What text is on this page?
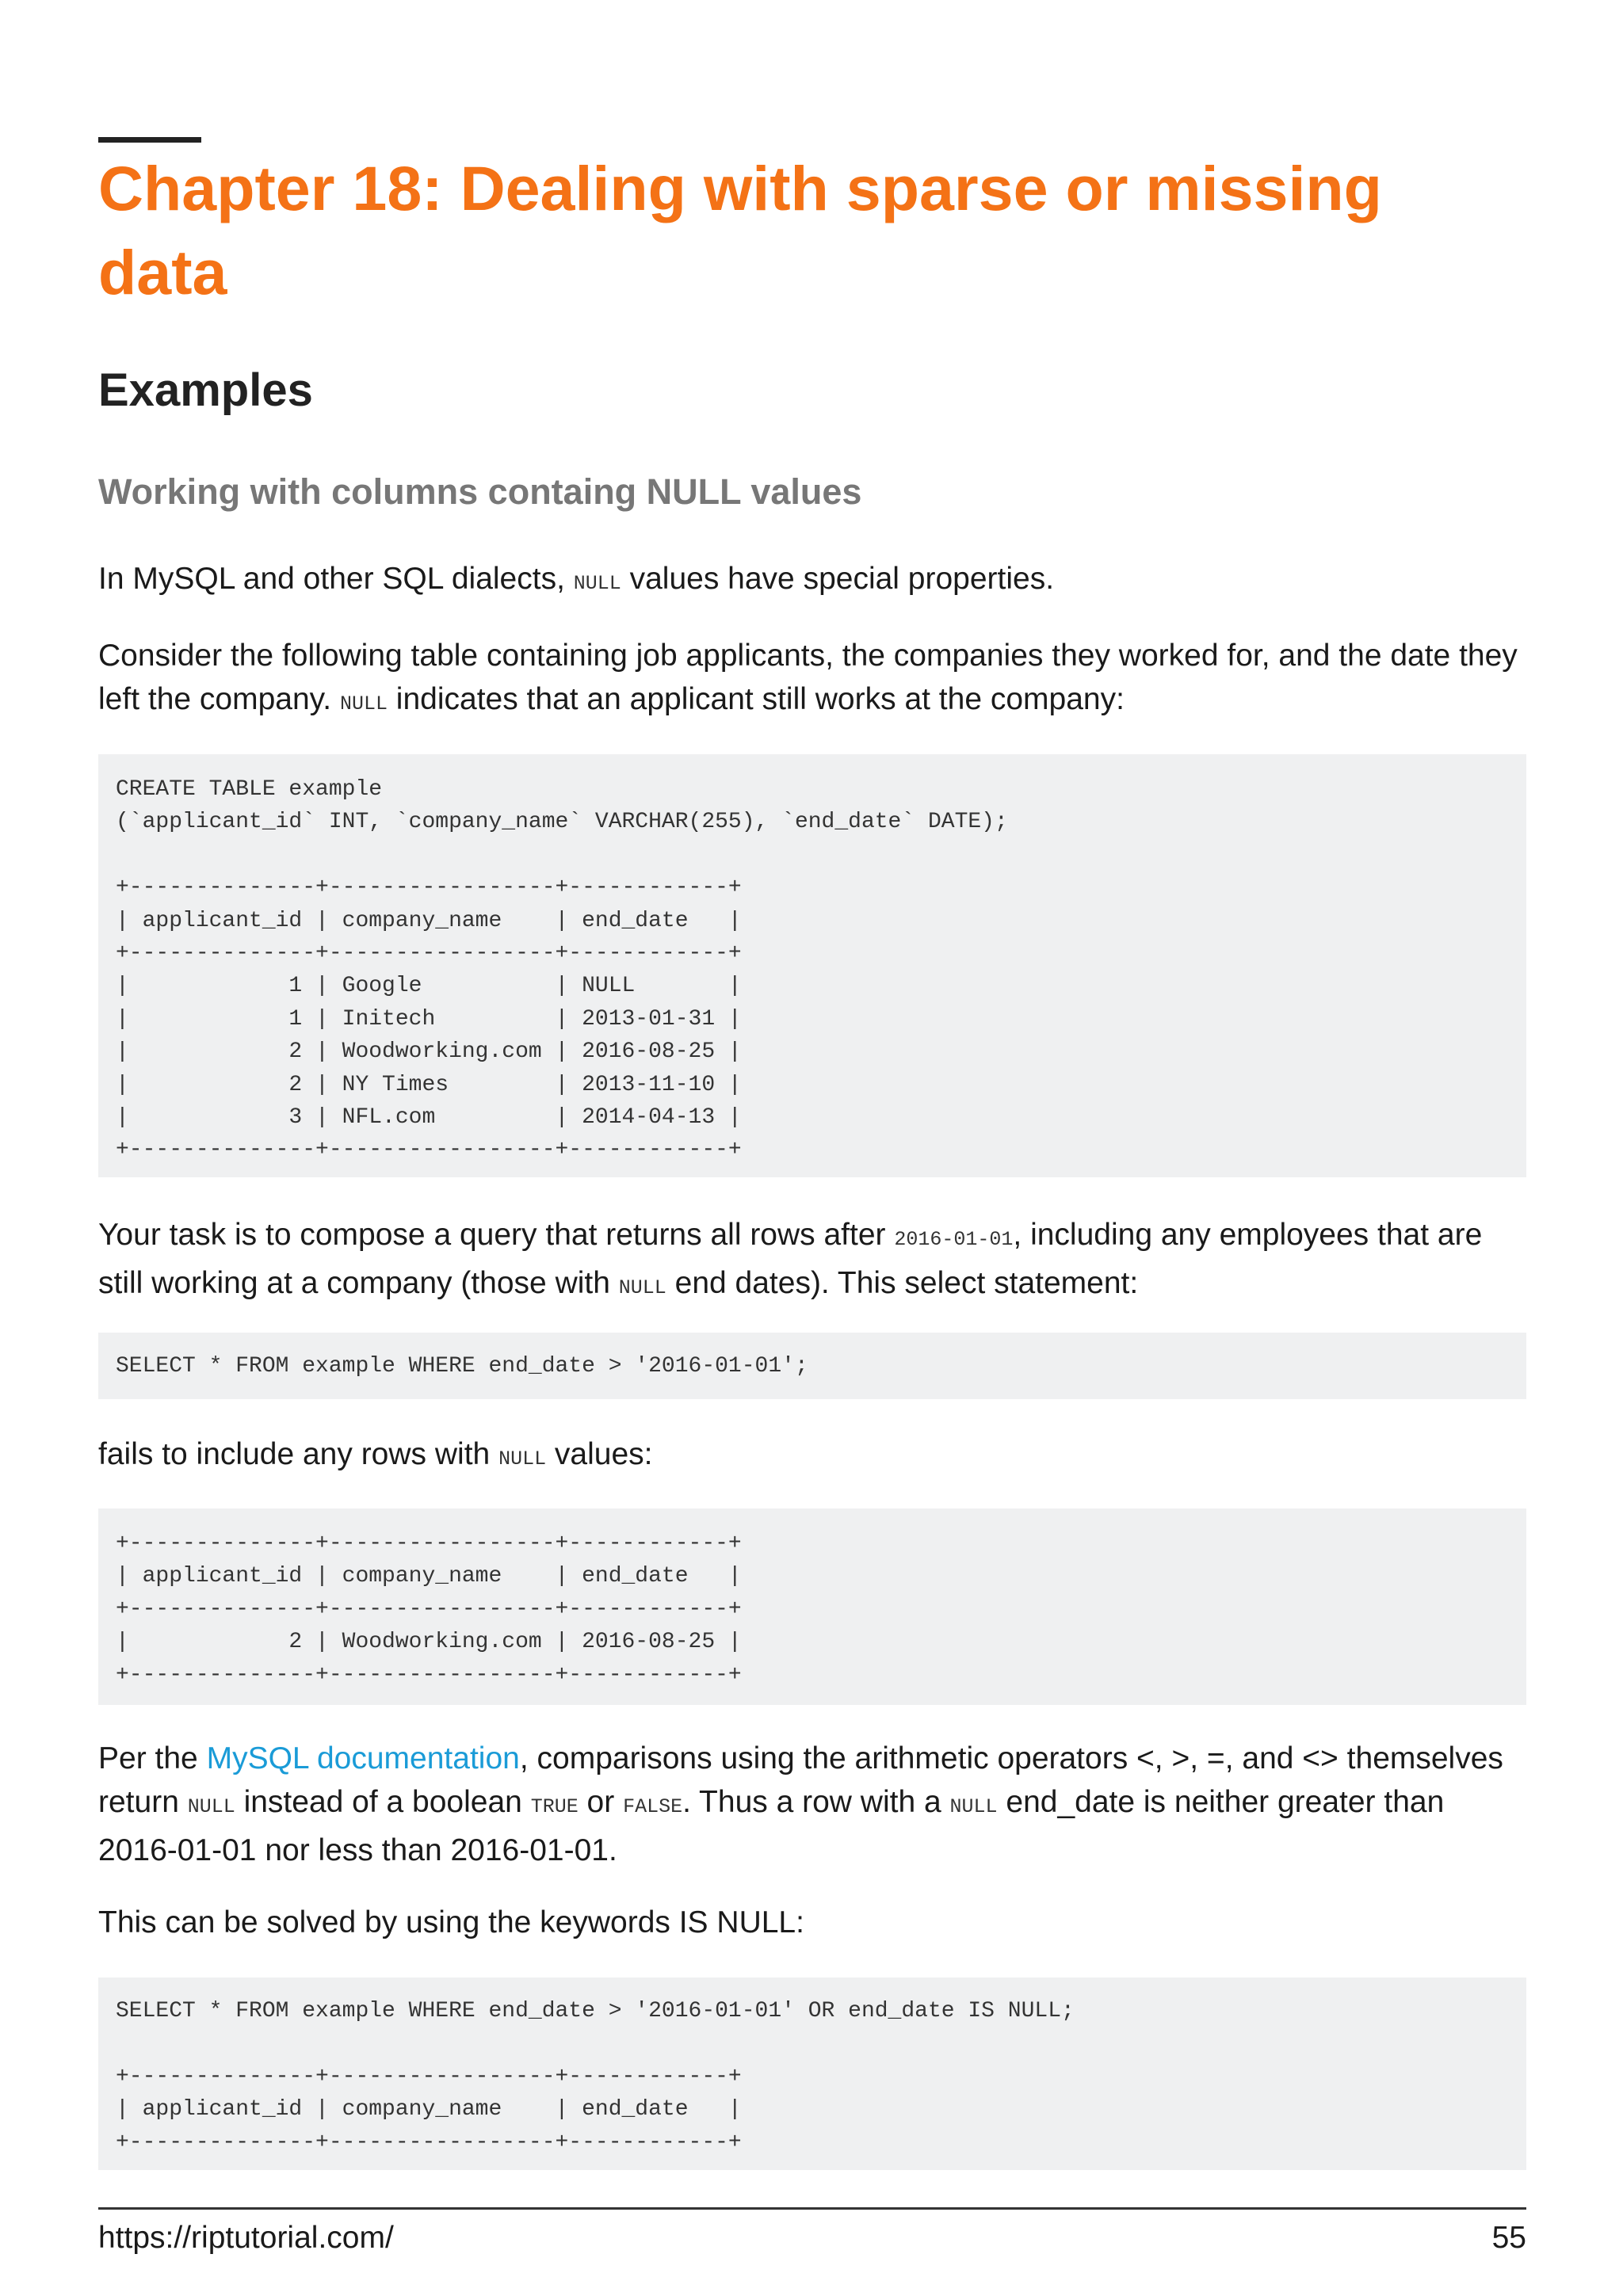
Chapter 18: Dealing with sparse or missing data
Examples
Working with columns containg NULL values

In MySQL and other SQL dialects, NULL values have special properties.

Consider the following table containing job applicants, the companies they worked for, and the date they left the company. NULL indicates that an applicant still works at the company:

CREATE TABLE example
(`applicant_id` INT, `company_name` VARCHAR(255), `end_date` DATE);

+--------------+-----------------+------------+
| applicant_id | company_name    | end_date   |
+--------------+-----------------+------------+
|            1 | Google          | NULL       |
|            1 | Initech         | 2013-01-31 |
|            2 | Woodworking.com | 2016-08-25 |
|            2 | NY Times        | 2013-11-10 |
|            3 | NFL.com         | 2014-04-13 |
+--------------+-----------------+------------+

Your task is to compose a query that returns all rows after 2016-01-01, including any employees that are still working at a company (those with NULL end dates). This select statement:

SELECT * FROM example WHERE end_date > '2016-01-01';

fails to include any rows with NULL values:

+--------------+-----------------+------------+
| applicant_id | company_name    | end_date   |
+--------------+-----------------+------------+
|            2 | Woodworking.com | 2016-08-25 |
+--------------+-----------------+------------+

Per the MySQL documentation, comparisons using the arithmetic operators <, >, =, and <> themselves return NULL instead of a boolean TRUE or FALSE. Thus a row with a NULL end_date is neither greater than 2016-01-01 nor less than 2016-01-01.

This can be solved by using the keywords IS NULL:

SELECT * FROM example WHERE end_date > '2016-01-01' OR end_date IS NULL;

+--------------+-----------------+------------+
| applicant_id | company_name    | end_date   |
+--------------+-----------------+------------+
https://riptutorial.com/	55
